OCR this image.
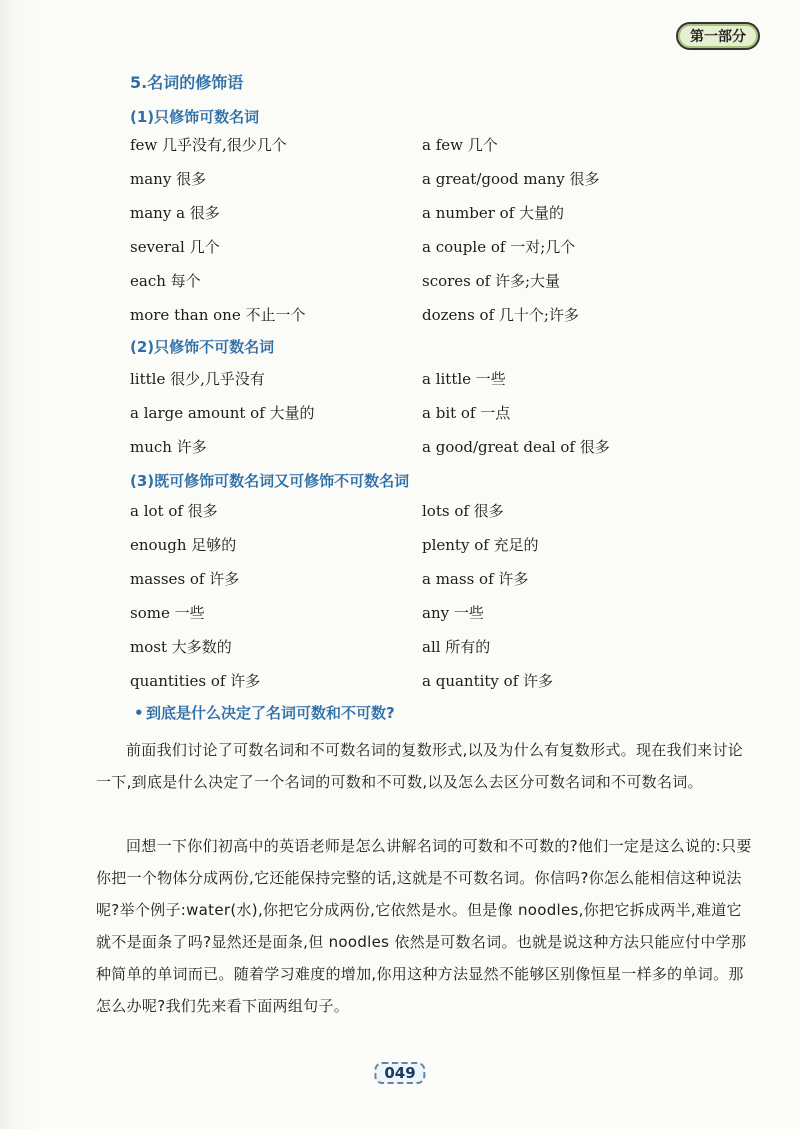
第一部分
5.名词的修饰语
(1)只修饰可数名词
few 几乎没有,很少几个	a few 几个
many 很多	a great/good many 很多
many a 很多	a number of 大量的
several 几个	a couple of 一对;几个
each 每个	scores of 许多;大量
more than one 不止一个	dozens of 几十个;许多
(2)只修饰不可数名词
little 很少,几乎没有	a little 一些
a large amount of 大量的	a bit of 一点
much 许多	a good/great deal of 很多
(3)既可修饰可数名词又可修饰不可数名词
a lot of 很多	lots of 很多
enough 足够的	plenty of 充足的
masses of 许多	a mass of 许多
some 一些	any 一些
most 大多数的	all 所有的
quantities of 许多	a quantity of 许多
• 到底是什么决定了名词可数和不可数?
前面我们讨论了可数名词和不可数名词的复数形式,以及为什么有复数形式。现在我们来讨论一下,到底是什么决定了一个名词的可数和不可数,以及怎么去区分可数名词和不可数名词。
回想一下你们初高中的英语老师是怎么讲解名词的可数和不可数的?他们一定是这么说的:只要你把一个物体分成两份,它还能保持完整的话,这就是不可数名词。你信吗?你怎么能相信这种说法呢?举个例子:water(水),你把它分成两份,它依然是水。但是像 noodles,你把它拆成两半,难道它就不是面条了吗?显然还是面条,但 noodles 依然是可数名词。也就是说这种方法只能应付中学那种简单的单词而已。随着学习难度的增加,你用这种方法显然不能够区别像恒星一样多的单词。那怎么办呢?我们先来看下面两组句子。
049
